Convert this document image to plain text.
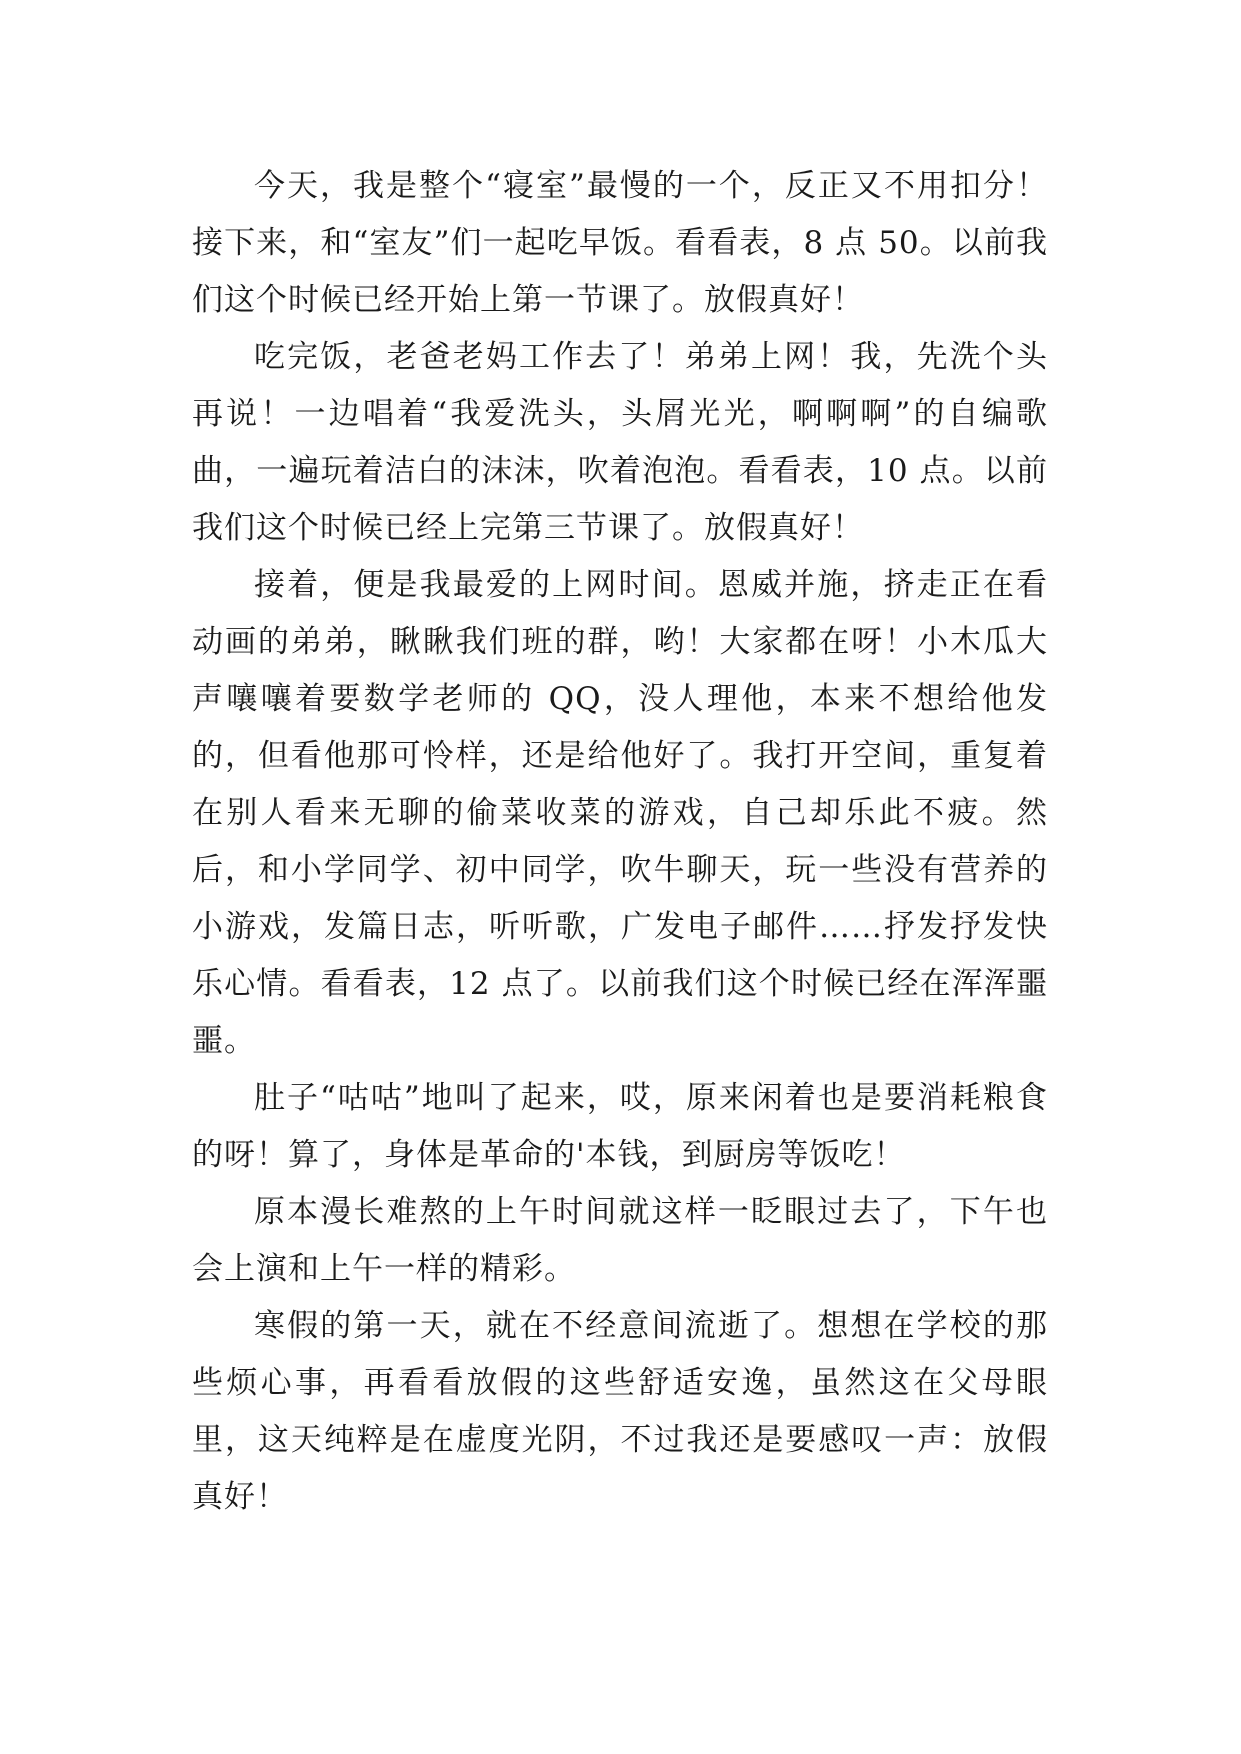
今天，我是整个“寝室”最慢的一个，反正又不用扣分！接下来，和“室友”们一起吃早饭。看看表，8 点 50。以前我们这个时候已经开始上第一节课了。放假真好！

吃完饭，老爸老妈工作去了！弟弟上网！我，先洗个头再说！一边唱着“我爱洗头，头屑光光，啊啊啊”的自编歌曲，一遍玩着洁白的沫沫，吹着泡泡。看看表，10 点。以前我们这个时候已经上完第三节课了。放假真好！

接着，便是我最爱的上网时间。恩威并施，挤走正在看动画的弟弟，瞅瞅我们班的群，哟！大家都在呀！小木瓜大声嚷嚷着要数学老师的 QQ，没人理他，本来不想给他发的，但看他那可怜样，还是给他好了。我打开空间，重复着在别人看来无聊的偷菜收菜的游戏，自己却乐此不疲。然后，和小学同学、初中同学，吹牛聊天，玩一些没有营养的小游戏，发篇日志，听听歌，广发电子邮件……抒发抒发快乐心情。看看表，12 点了。以前我们这个时候已经在浑浑噩噩。

肚子“咕咕”地叫了起来，哎，原来闲着也是要消耗粮食的呀！算了，身体是革命的'本钱，到厨房等饭吃！

原本漫长难熬的上午时间就这样一眨眼过去了，下午也会上演和上午一样的精彩。

寒假的第一天，就在不经意间流逝了。想想在学校的那些烦心事，再看看放假的这些舒适安逸，虽然这在父母眼里，这天纯粹是在虚度光阴，不过我还是要感叹一声：放假真好！
